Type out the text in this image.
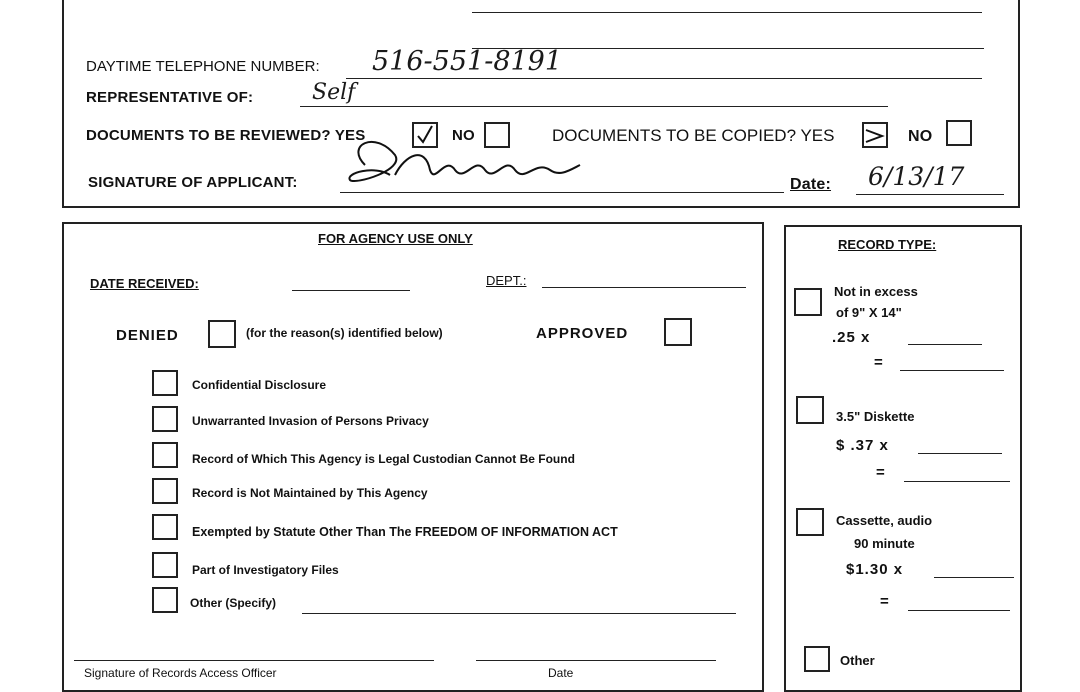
DAYTIME TELEPHONE NUMBER: 516-551-8191
REPRESENTATIVE OF:	Self
DOCUMENTS TO BE REVIEWED? YES	NO	DOCUMENTS TO BE COPIED? YES	NO
SIGNATURE OF APPLICANT:	Date: 6/13/17
FOR AGENCY USE ONLY
DATE RECEIVED:	DEPT.:
DENIED	(for the reason(s) identified below)	APPROVED
Confidential Disclosure
Unwarranted Invasion of Persons Privacy
Record of Which This Agency is Legal Custodian Cannot Be Found
Record is Not Maintained by This Agency
Exempted by Statute Other Than The FREEDOM OF INFORMATION ACT
Part of Investigatory Files
Other (Specify)
Signature of Records Access Officer	Date
RECORD TYPE:
Not in excess
of 9" X 14"
.25 x
=
3.5" Diskette
$ .37 x
=
Cassette, audio
90 minute
$1.30 x
=
Other
